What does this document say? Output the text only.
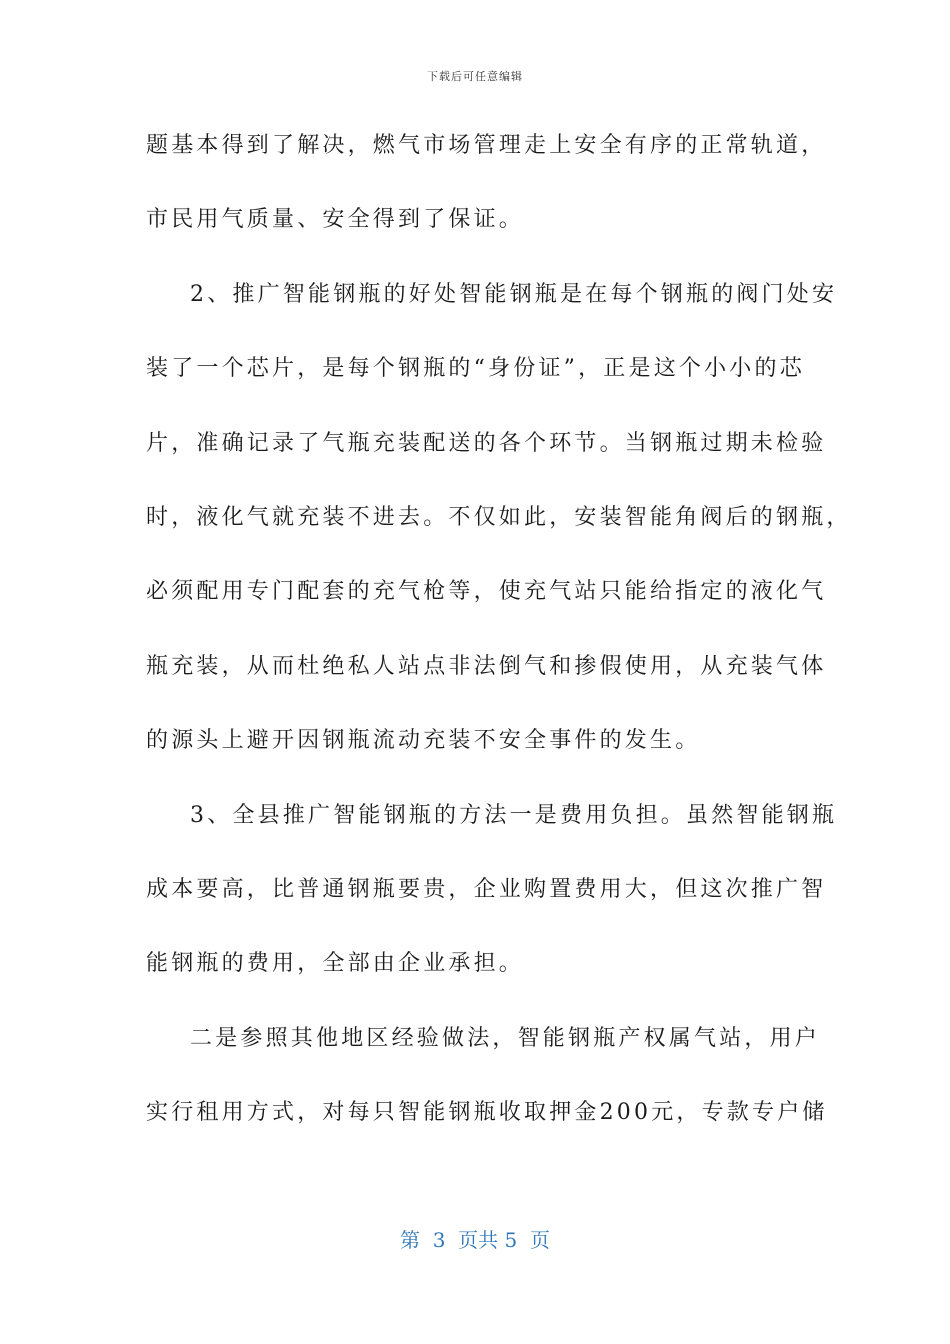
下载后可任意编辑
题基本得到了解决，燃气市场管理走上安全有序的正常轨道，
市民用气质量、安全得到了保证。
2、推广智能钢瓶的好处智能钢瓶是在每个钢瓶的阀门处安
装了一个芯片，是每个钢瓶的“身份证”，正是这个小小的芯
片，准确记录了气瓶充装配送的各个环节。当钢瓶过期未检验
时，液化气就充装不进去。不仅如此，安装智能角阀后的钢瓶，
必须配用专门配套的充气枪等，使充气站只能给指定的液化气
瓶充装，从而杜绝私人站点非法倒气和掺假使用，从充装气体
的源头上避开因钢瓶流动充装不安全事件的发生。
3、全县推广智能钢瓶的方法一是费用负担。虽然智能钢瓶
成本要高，比普通钢瓶要贵，企业购置费用大，但这次推广智
能钢瓶的费用，全部由企业承担。
二是参照其他地区经验做法，智能钢瓶产权属气站，用户
实行租用方式，对每只智能钢瓶收取押金200元，专款专户储
第  3  页共 5  页
